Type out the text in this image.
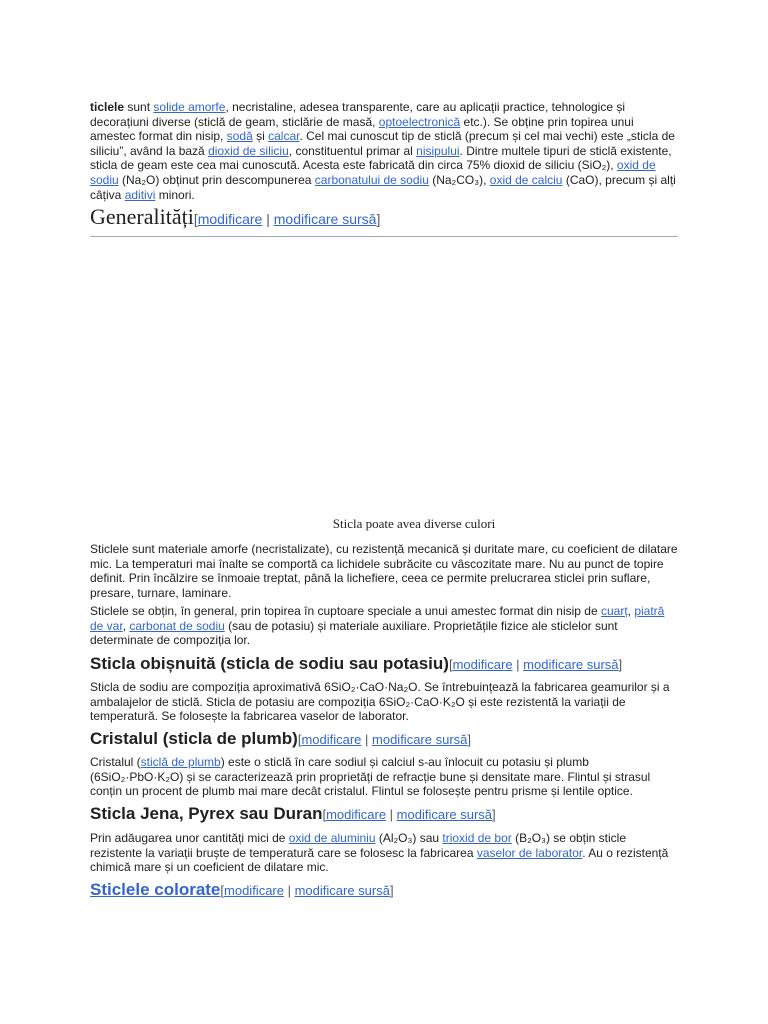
ticlele sunt solide amorfe, necristaline, adesea transparente, care au aplicații practice, tehnologice și decorațiuni diverse (sticlă de geam, sticlărie de masă, optoelectronică etc.). Se obține prin topirea unui amestec format din nisip, sodă și calcar. Cel mai cunoscut tip de sticlă (precum și cel mai vechi) este „sticla de siliciu”, având la bază dioxid de siliciu, constituentul primar al nisipului. Dintre multele tipuri de sticlă existente, sticla de geam este cea mai cunoscută. Acesta este fabricată din circa 75% dioxid de siliciu (SiO₂), oxid de sodiu (Na₂O) obținut prin descompunerea carbonatului de sodiu (Na₂CO₃), oxid de calciu (CaO), precum și alți câțiva aditivi minori.

Generalități[modificare | modificare sursă]
Sticla poate avea diverse culori

Sticlele sunt materiale amorfe (necristalizate), cu rezistență mecanică și duritate mare, cu coeficient de dilatare mic. La temperaturi mai înalte se comportă ca lichidele subrăcite cu vâscozitate mare. Nu au punct de topire definit. Prin încălzire se înmoaie treptat, până la lichefiere, ceea ce permite prelucrarea sticlei prin suflare, presare, turnare, laminare.

Sticlele se obțin, în general, prin topirea în cuptoare speciale a unui amestec format din nisip de cuarț, piatră de var, carbonat de sodiu (sau de potasiu) și materiale auxiliare. Proprietățile fizice ale sticlelor sunt determinate de compoziția lor.

Sticla obișnuită (sticla de sodiu sau potasiu)[modificare | modificare sursă]

Sticla de sodiu are compoziția aproximativă 6SiO₂·CaO·Na₂O. Se întrebuințează la fabricarea geamurilor și a ambalajelor de sticlă. Sticla de potasiu are compoziția 6SiO₂·CaO·K₂O și este rezistentă la variații de temperatură. Se folosește la fabricarea vaselor de laborator.

Cristalul (sticla de plumb)[modificare | modificare sursă]

Cristalul (sticlă de plumb) este o sticlă în care sodiul și calciul s-au înlocuit cu potasiu și plumb (6SiO₂·PbO·K₂O) și se caracterizează prin proprietăți de refracție bune și densitate mare. Flintul și strasul conțin un procent de plumb mai mare decât cristalul. Flintul se folosește pentru prisme și lentile optice.

Sticla Jena, Pyrex sau Duran[modificare | modificare sursă]

Prin adăugarea unor cantități mici de oxid de aluminiu (Al₂O₃) sau trioxid de bor (B₂O₃) se obțin sticle rezistente la variații bruște de temperatură care se folosesc la fabricarea vaselor de laborator. Au o rezistență chimică mare și un coeficient de dilatare mic.

Sticlele colorate[modificare | modificare sursă]
